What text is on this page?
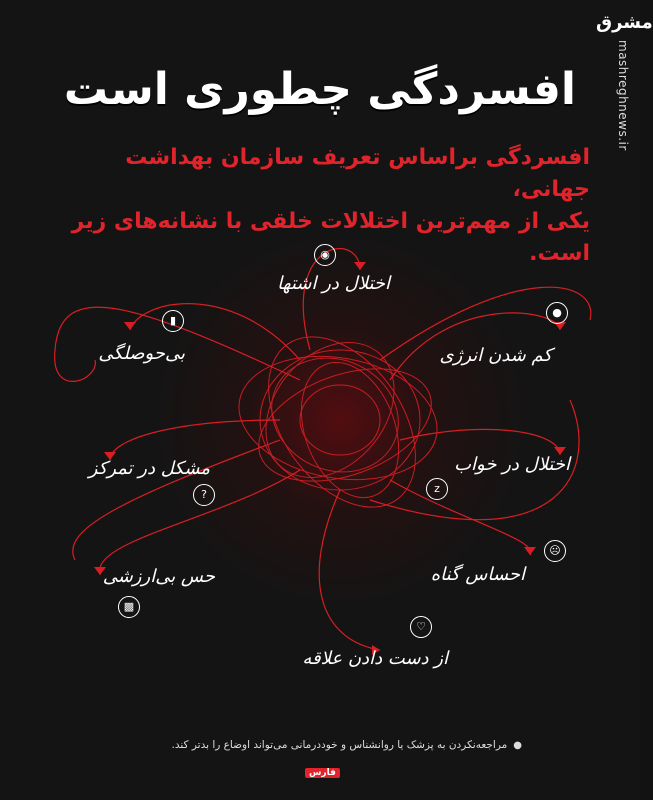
مشرق
mashreghnews.ir
افسردگی چطوری است
افسردگی براساس تعریف سازمان بهداشت جهانی،
یکی از مهم‌ترین اختلالات خلقی با نشانه‌های زیر است.
اختلال در اشتها
◉
بی‌حوصلگی
▮
کم شدن انرژی
●
مشکل در تمرکز
?
اختلال در خواب
z
حس بی‌ارزشی
▩
احساس گناه
☹
از دست دادن علاقه
♡
●مراجعه‌نکردن به پزشک یا روانشناس و خوددرمانی می‌تواند اوضاع را بدتر کند.
فارس
